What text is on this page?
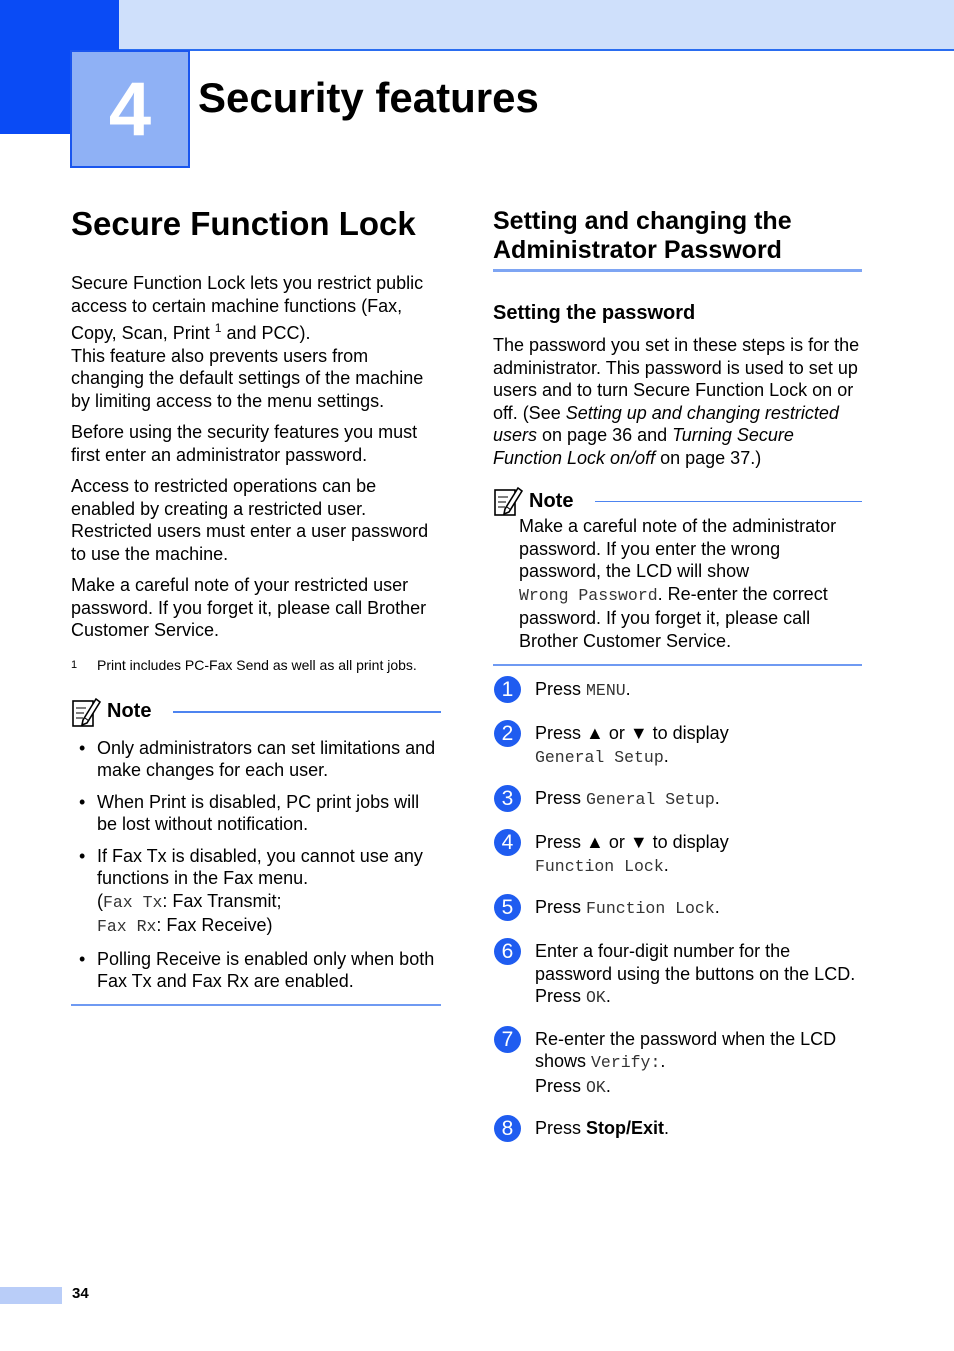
4	Security features
Secure Function Lock

Secure Function Lock lets you restrict public access to certain machine functions (Fax, Copy, Scan, Print $^1$ and PCC).
This feature also prevents users from changing the default settings of the machine by limiting access to the menu settings.

Before using the security features you must first enter an administrator password.

Access to restricted operations can be enabled by creating a restricted user. Restricted users must enter a user password to use the machine.

Make a careful note of your restricted user password. If you forget it, please call Brother Customer Service.

1	Print includes PC-Fax Send as well as all print jobs.
Note
• Only administrators can set limitations and make changes for each user.
• When Print is disabled, PC print jobs will be lost without notification.
• If Fax Tx is disabled, you cannot use any functions in the Fax menu.
(Fax Tx: Fax Transmit;
Fax Rx: Fax Receive)
• Polling Receive is enabled only when both Fax Tx and Fax Rx are enabled.
Setting and changing the Administrator Password
Setting the password

The password you set in these steps is for the administrator. This password is used to set up users and to turn Secure Function Lock on or off. (See Setting up and changing restricted users on page 36 and Turning Secure Function Lock on/off on page 37.)

Note
Make a careful note of the administrator password. If you enter the wrong password, the LCD will show
Wrong Password. Re-enter the correct password. If you forget it, please call Brother Customer Service.
1	Press MENU.
2	Press ▲ or ▼ to display
General Setup.
3	Press General Setup.
4	Press ▲ or ▼ to display
Function Lock.
5	Press Function Lock.
6	Enter a four-digit number for the password using the buttons on the LCD.
Press OK.
7	Re-enter the password when the LCD shows Verify:.
Press OK.
8	Press Stop/Exit.
34
